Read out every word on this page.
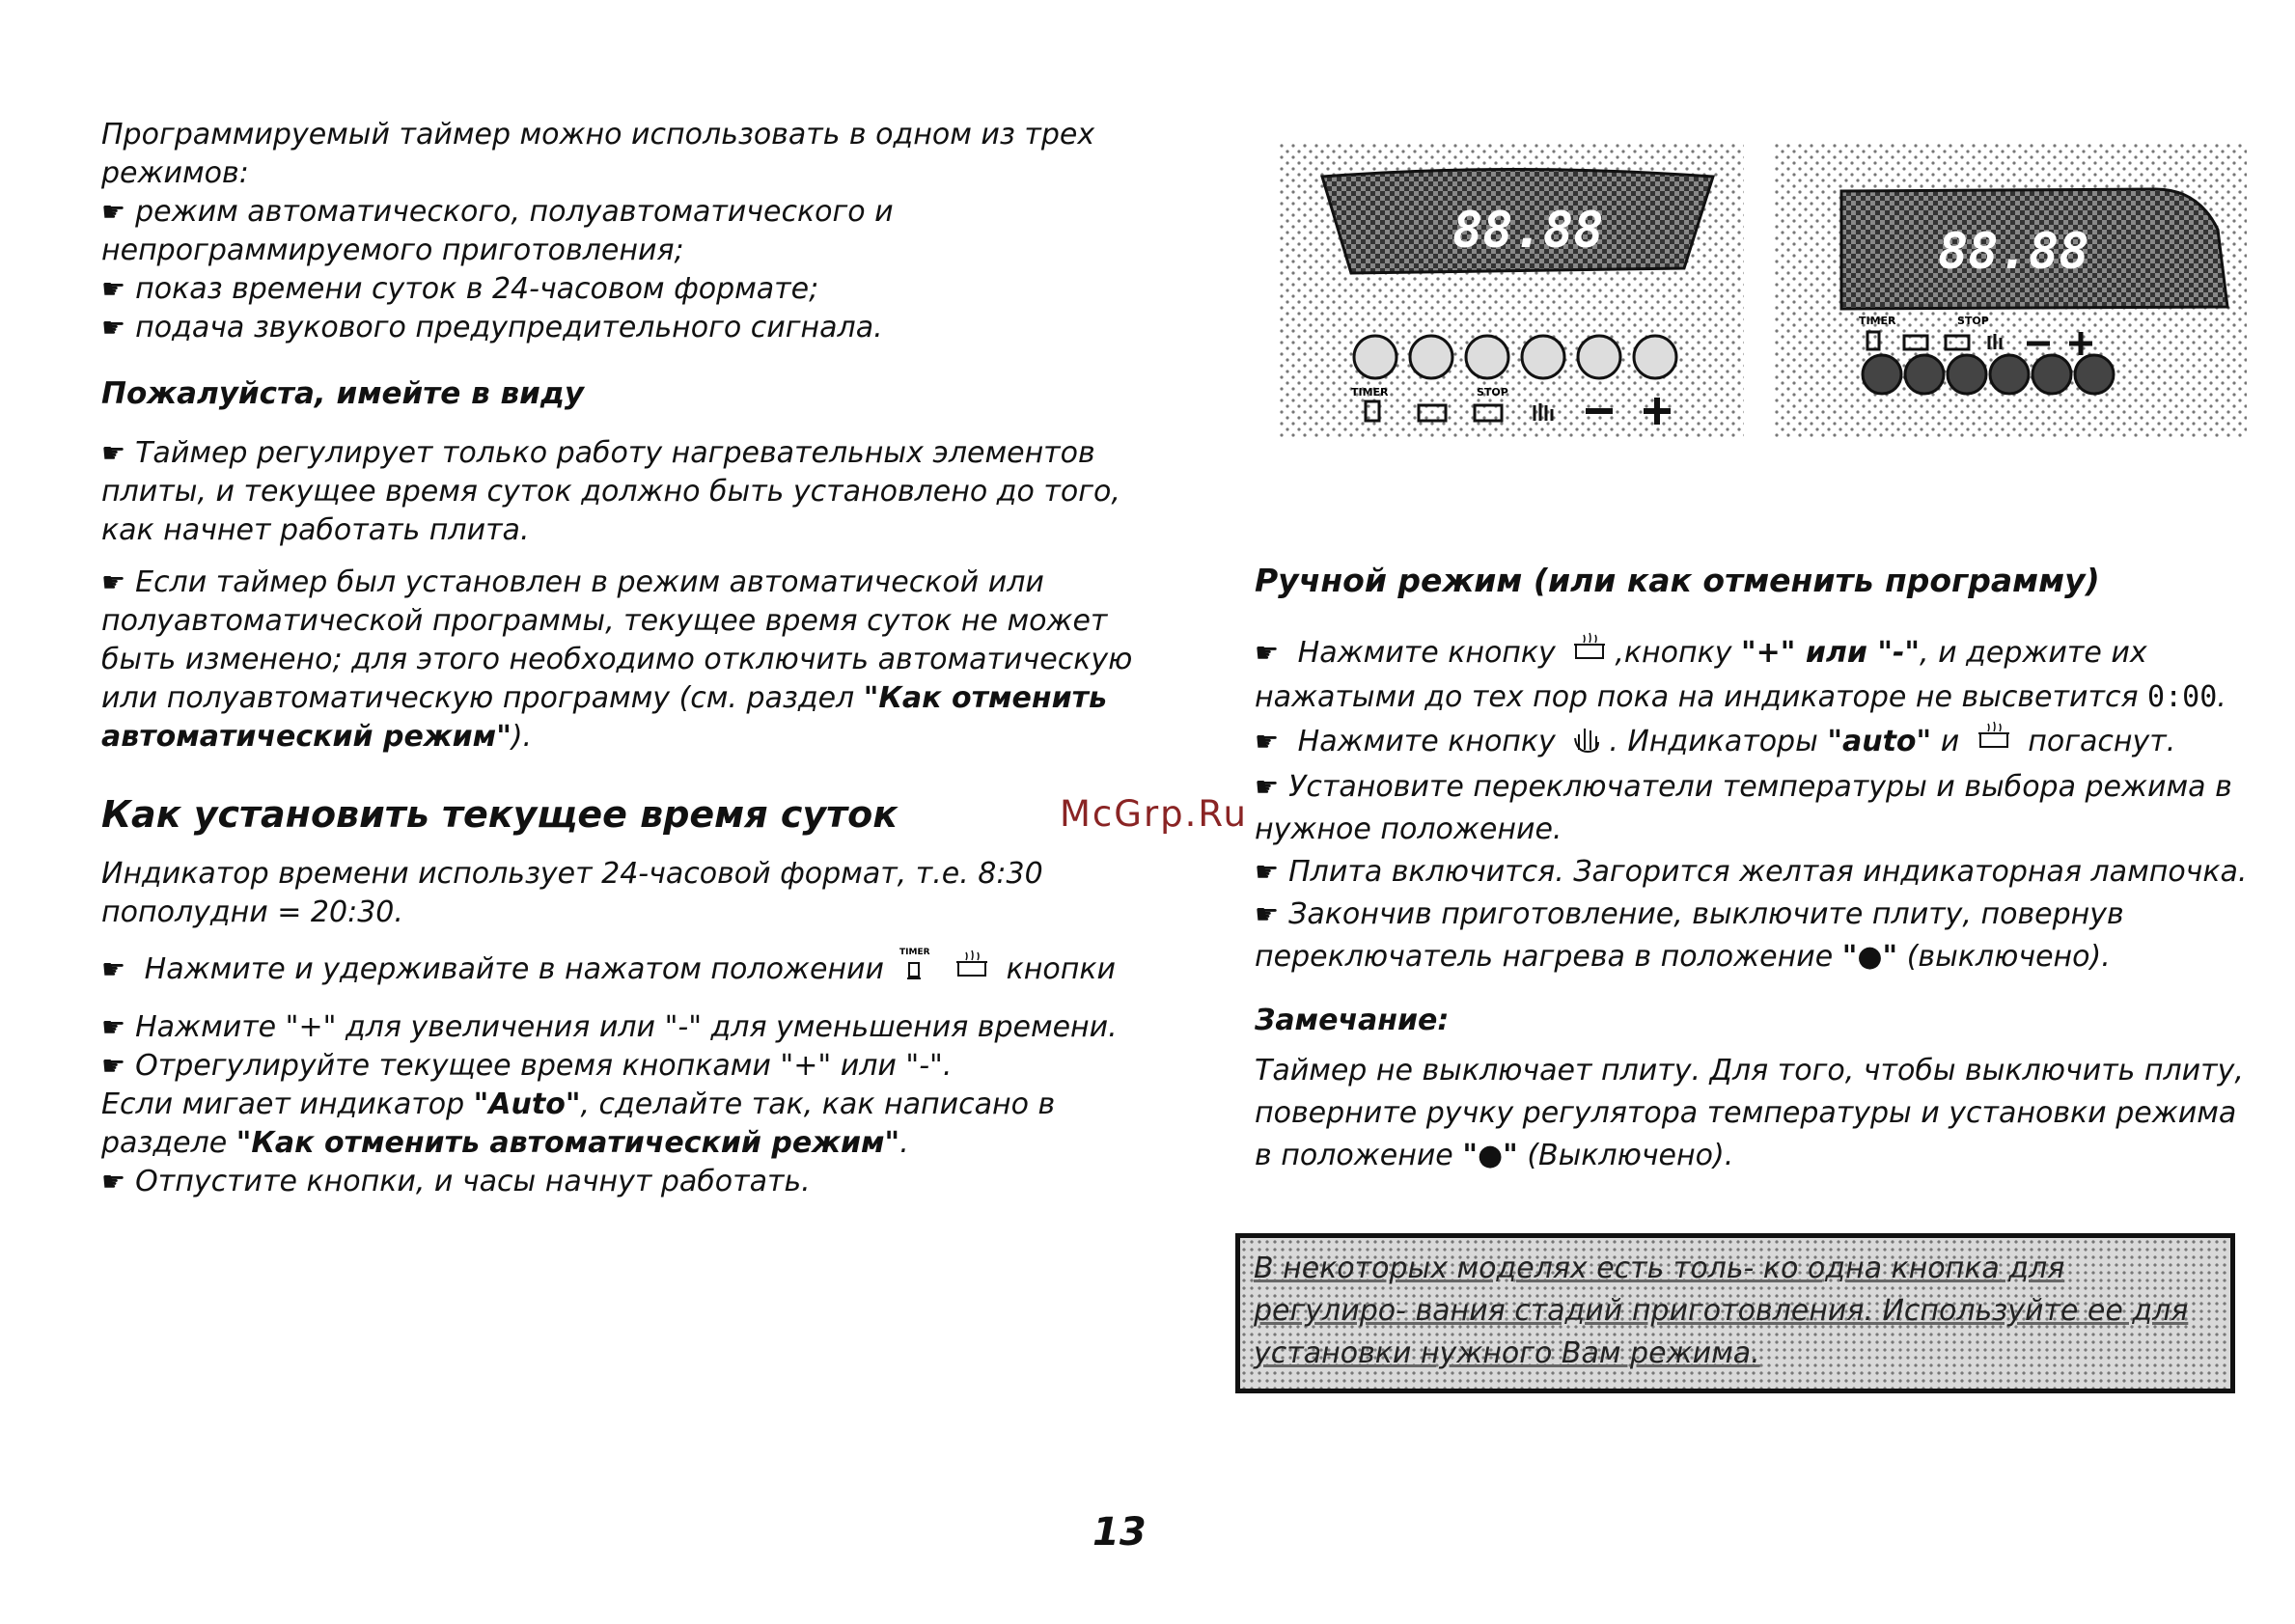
Программируемый таймер можно использовать в одном из трех режимов:

☛ режим автоматического, полуавтоматического и непрограммируемого приготовления;

☛ показ времени суток в 24-часовом формате;

☛ подача звукового предупредительного сигнала.

Пожалуйста, имейте в виду

☛ Таймер регулирует только работу нагревательных элементов плиты, и текущее время суток должно быть установлено до того, как начнет работать плита.

☛ Если таймер был установлен в режим автоматической или полуавтоматической программы, текущее время суток не может быть изменено; для этого необходимо отключить автоматическую или полуавтоматическую программу (см. раздел "Как отменить автоматический режим").

Как установить текущее время суток

Индикатор времени использует 24-часовой формат, т.е. 8:30 пополудни = 20:30.

☛ Нажмите и удерживайте в нажатом положении TIMER	кнопки

☛ Нажмите "+" для увеличения или "-" для уменьшения времени.

☛ Отрегулируйте текущее время кнопками "+" или "-".

Если мигает индикатор "Auto", сделайте так, как написано в разделе "Как отменить автоматический режим".

☛ Отпустите кнопки, и часы начнут работать.

88.88
TIMER	STOP
88.88
TIMER	STOP

Ручной режим (или как отменить программу)

☛ Нажмите кнопку ,кнопку "+" или "-", и держите их нажатыми до тех пор пока на индикаторе не высветится 0:00.

☛ Нажмите кнопку . Индикаторы "auto" и погаснут.

☛ Установите переключатели температуры и выбора режима в нужное положение.

☛ Плита включится. Загорится желтая индикаторная лампочка.

☛ Закончив приготовление, выключите плиту, повернув переключатель нагрева в положение "●" (выключено).

Замечание:

Таймер не выключает плиту. Для того, чтобы выключить плиту, поверните ручку регулятора температуры и установки режима в положение "●" (Выключено).

В некоторых моделях есть толь- ко одна кнопка для регулиро- вания стадий приготовления. Используйте ее для установки нужного Вам режима.

McGrp.Ru
13
